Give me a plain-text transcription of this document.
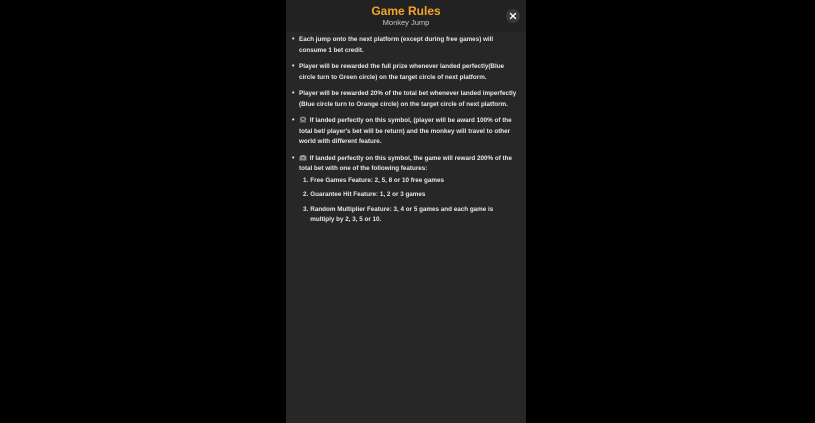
Game Rules
Monkey Jump
• Each jump onto the next platform (except during free games) will consume 1 bet credit.
• Player will be rewarded the full prize whenever landed perfectly(Blue circle turn to Green circle) on the target circle of next platform.
• Player will be rewarded 20% of the total bet whenever landed imperfectly (Blue circle turn to Orange circle) on the target circle of next platform.
• If landed perfectly on this symbol, (player will be award 100% of the total bet/ player's bet will be return) and the monkey will travel to other world with different feature.
• If landed perfectly on this symbol, the game will reward 200% of the total bet with one of the following features:
1. Free Games Feature: 2, 5, 8 or 10 free games
2. Guarantee Hit Feature: 1, 2 or 3 games
3. Random Multiplier Feature: 3, 4 or 5 games and each game is multiply by 2, 3, 5 or 10.
